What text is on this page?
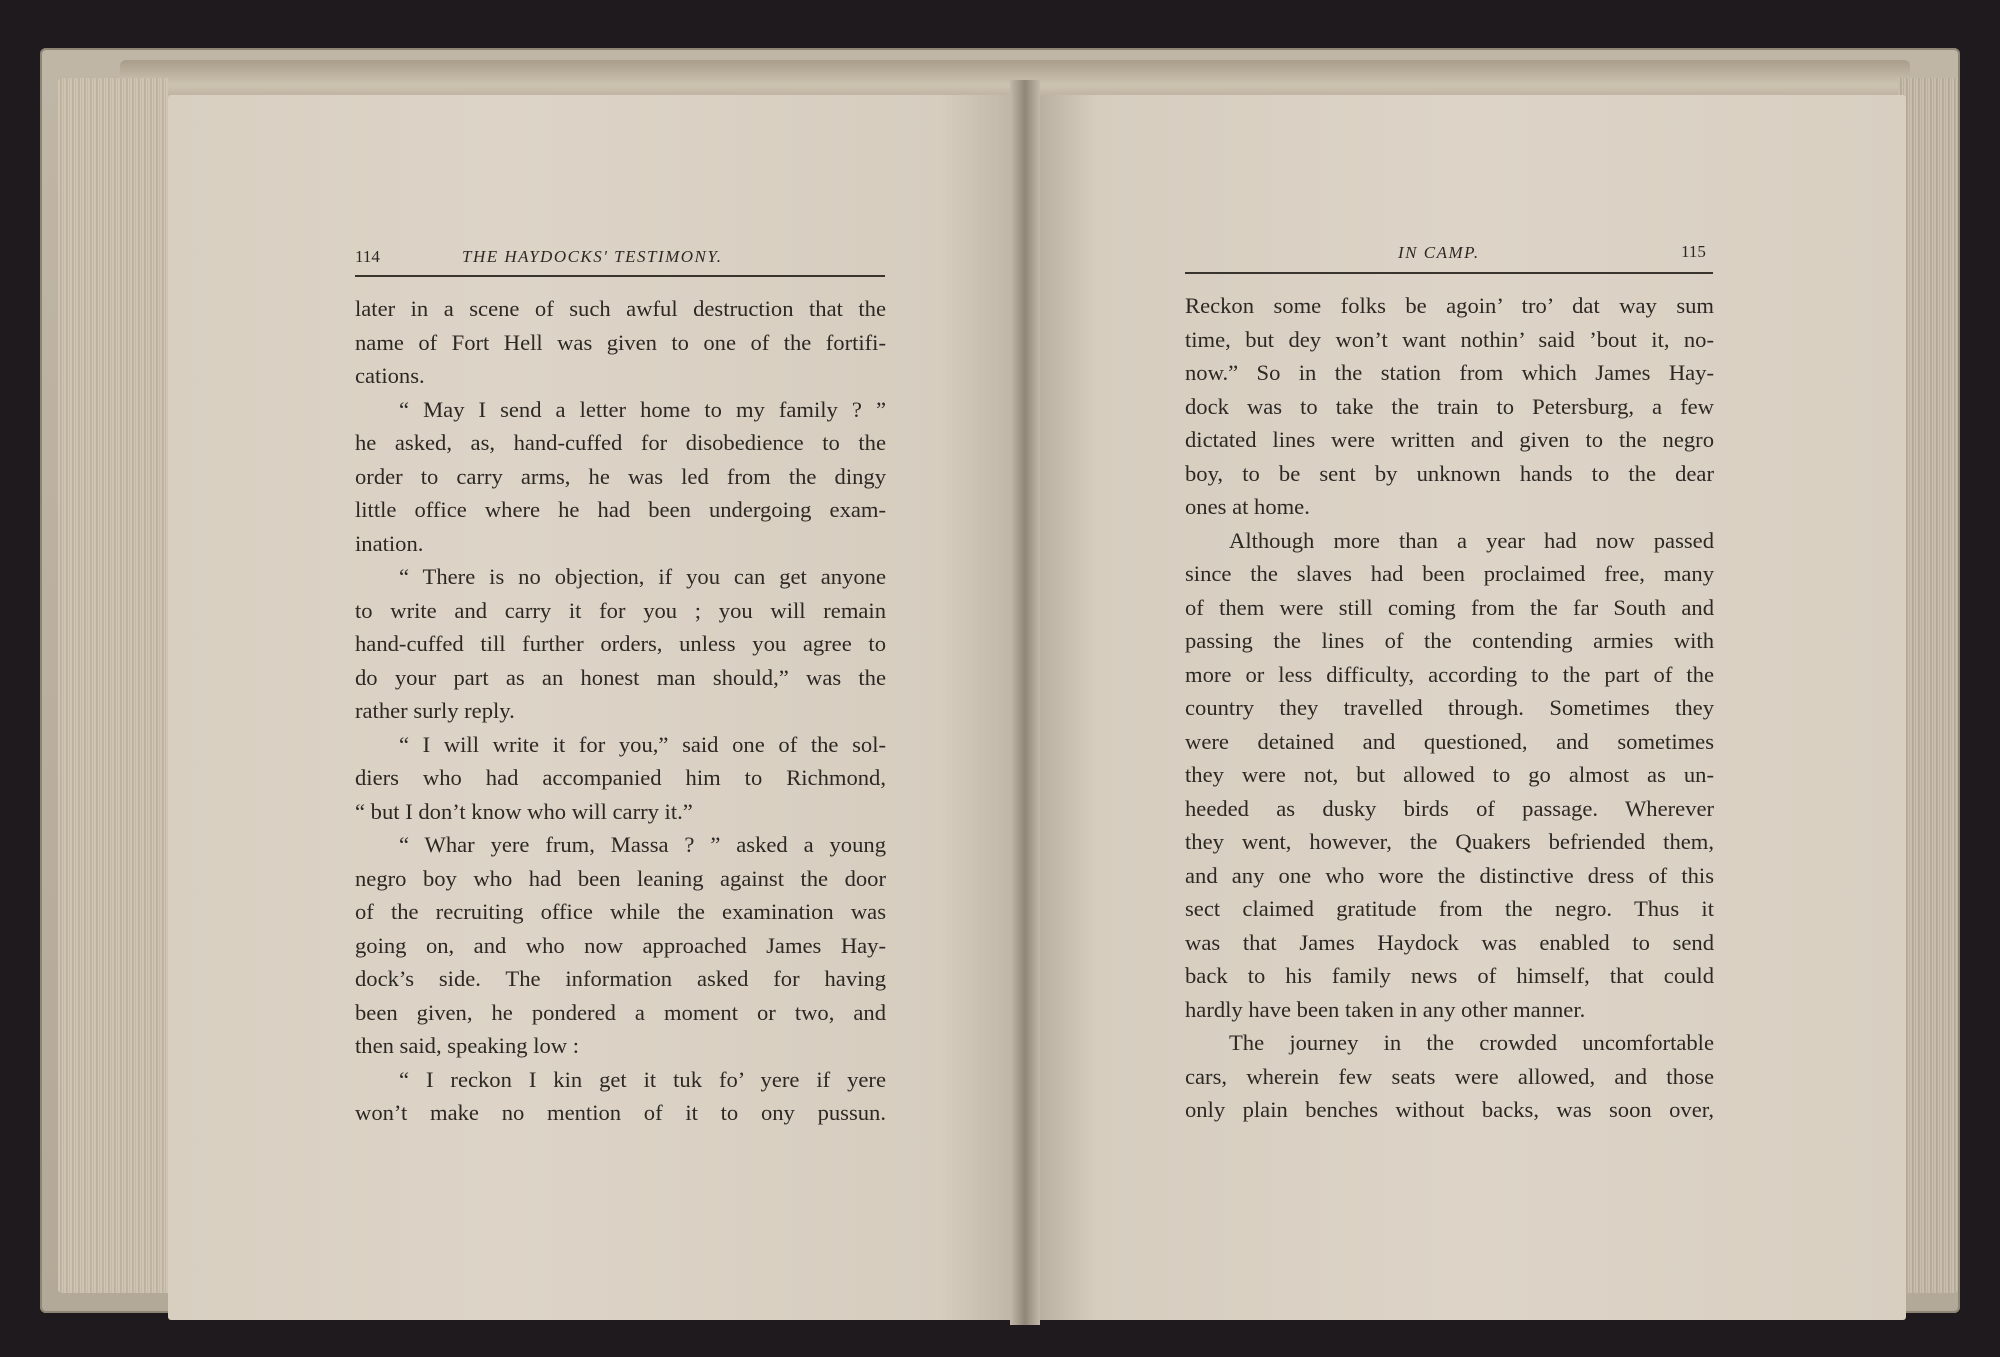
114	THE HAYDOCKS' TESTIMONY.
later in a scene of such awful destruction that the
name of Fort Hell was given to one of the fortifi-
cations.
“ May I send a letter home to my family ? ”
he asked, as, hand-cuffed for disobedience to the
order to carry arms, he was led from the dingy
little office where he had been undergoing exam-
ination.
“ There is no objection, if you can get anyone
to write and carry it for you ; you will remain
hand-cuffed till further orders, unless you agree to
do your part as an honest man should,” was the
rather surly reply.
“ I will write it for you,” said one of the sol-
diers who had accompanied him to Richmond,
“ but I don’t know who will carry it.”
“ Whar yere frum, Massa ? ” asked a young
negro boy who had been leaning against the door
of the recruiting office while the examination was
going on, and who now approached James Hay-
dock’s side. The information asked for having
been given, he pondered a moment or two, and
then said, speaking low :
“ I reckon I kin get it tuk fo’ yere if yere
won’t make no mention of it to ony pussun.
IN CAMP.	115
Reckon some folks be agoin’ tro’ dat way sum
time, but dey won’t want nothin’ said ’bout it, no-
now.” So in the station from which James Hay-
dock was to take the train to Petersburg, a few
dictated lines were written and given to the negro
boy, to be sent by unknown hands to the dear
ones at home.
Although more than a year had now passed
since the slaves had been proclaimed free, many
of them were still coming from the far South and
passing the lines of the contending armies with
more or less difficulty, according to the part of the
country they travelled through. Sometimes they
were detained and questioned, and sometimes
they were not, but allowed to go almost as un-
heeded as dusky birds of passage. Wherever
they went, however, the Quakers befriended them,
and any one who wore the distinctive dress of this
sect claimed gratitude from the negro. Thus it
was that James Haydock was enabled to send
back to his family news of himself, that could
hardly have been taken in any other manner.
The journey in the crowded uncomfortable
cars, wherein few seats were allowed, and those
only plain benches without backs, was soon over,
